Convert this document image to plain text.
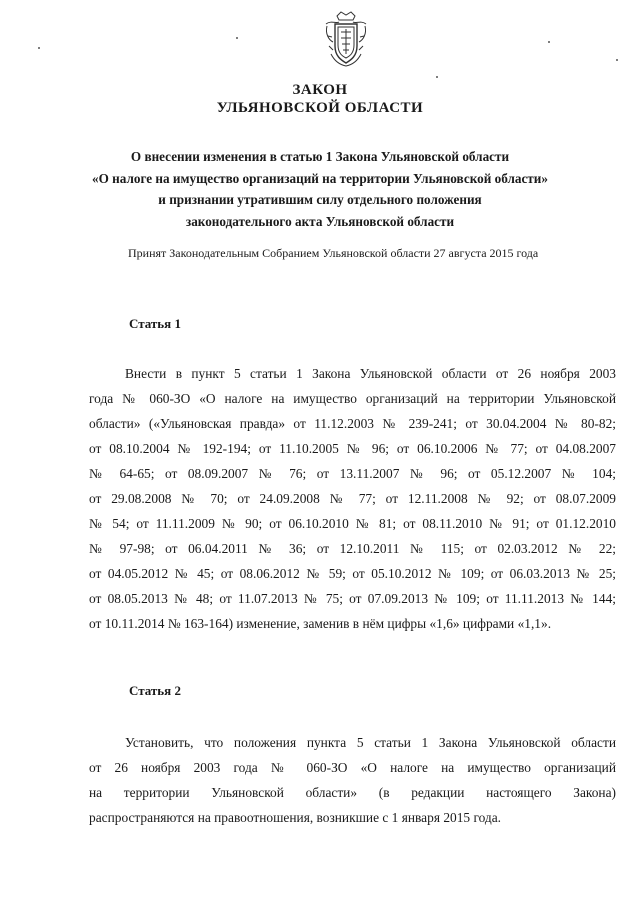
ЗАКОН
УЛЬЯНОВСКОЙ ОБЛАСТИ
О внесении изменения в статью 1 Закона Ульяновской области
«О налоге на имущество организаций на территории Ульяновской области»
и признании утратившим силу отдельного положения
законодательного акта Ульяновской области
Принят Законодательным Собранием Ульяновской области 27 августа 2015 года
Статья 1
Внести в пункт 5 статьи 1 Закона Ульяновской области от 26 ноября 2003
года № 060-ЗО «О налоге на имущество организаций на территории Ульяновской
области» («Ульяновская правда» от 11.12.2003 № 239-241; от 30.04.2004 № 80-82;
от 08.10.2004 № 192-194; от 11.10.2005 № 96; от 06.10.2006 № 77; от 04.08.2007
№ 64-65; от 08.09.2007 № 76; от 13.11.2007 № 96; от 05.12.2007 № 104;
от 29.08.2008 № 70; от 24.09.2008 № 77; от 12.11.2008 № 92; от 08.07.2009
№ 54; от 11.11.2009 № 90; от 06.10.2010 № 81; от 08.11.2010 № 91; от 01.12.2010
№ 97-98; от 06.04.2011 № 36; от 12.10.2011 № 115; от 02.03.2012 № 22;
от 04.05.2012 № 45; от 08.06.2012 № 59; от 05.10.2012 № 109; от 06.03.2013 № 25;
от 08.05.2013 № 48; от 11.07.2013 № 75; от 07.09.2013 № 109; от 11.11.2013 № 144;
от 10.11.2014 № 163-164) изменение, заменив в нём цифры «1,6» цифрами «1,1».
Статья 2
Установить, что положения пункта 5 статьи 1 Закона Ульяновской области
от 26 ноября 2003 года № 060-ЗО «О налоге на имущество организаций
на территории Ульяновской области» (в редакции настоящего Закона)
распространяются на правоотношения, возникшие с 1 января 2015 года.
